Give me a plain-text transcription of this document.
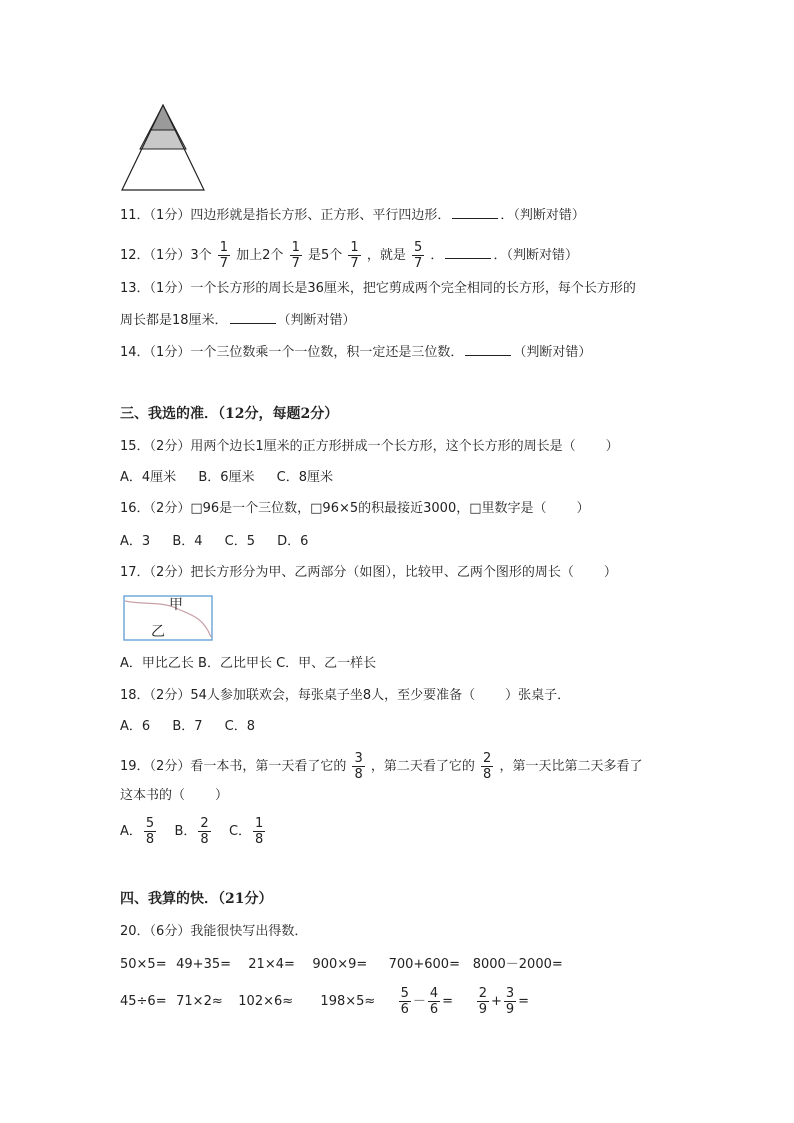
11．（1分）四边形就是指长方形、正方形、平行四边形．	．（判断对错）
12．（1分）3个 $\frac{1}{7}$ 加上2个 $\frac{1}{7}$ 是5个 $\frac{1}{7}$ ，就是 $\frac{5}{7}$ ．	．（判断对错）
13．（1分）一个长方形的周长是36厘米，把它剪成两个完全相同的长方形，每个长方形的
周长都是18厘米．	（判断对错）
14．（1分）一个三位数乘一个一位数，积一定还是三位数．	（判断对错）
三、我选的准．（12分，每题2分）
15．（2分）用两个边长1厘米的正方形拼成一个长方形，这个长方形的周长是（ ）
A．4厘米 B．6厘米 C．8厘米
16．（2分）□96是一个三位数，□96×5的积最接近3000，□里数字是（ ）
A．3 B．4 C．5 D．6
17．（2分）把长方形分为甲、乙两部分（如图），比较甲、乙两个图形的周长（ ）
甲
乙
A．甲比乙长 B．乙比甲长 C．甲、乙一样长
18．（2分）54人参加联欢会，每张桌子坐8人，至少要准备（ ）张桌子．
A．6 B．7 C．8
19．（2分）看一本书，第一天看了它的 $\frac{3}{8}$ ，第二天看了它的 $\frac{2}{8}$ ，第一天比第二天多看了
这本书的（ ）
A． $\frac{5}{8}$ B． $\frac{2}{8}$ C． $\frac{1}{8}$
四、我算的快．（21分）
20．（6分）我能很快写出得数．
50×5= 49+35= 21×4= 900×9= 700+600= 8000－2000=
$45\div 6= 71\times 2\approx 102\times 6\approx 198\times 5\approx \frac{5}{6} - \frac{4}{6} = \frac{2}{9} + \frac{3}{9}$ =
